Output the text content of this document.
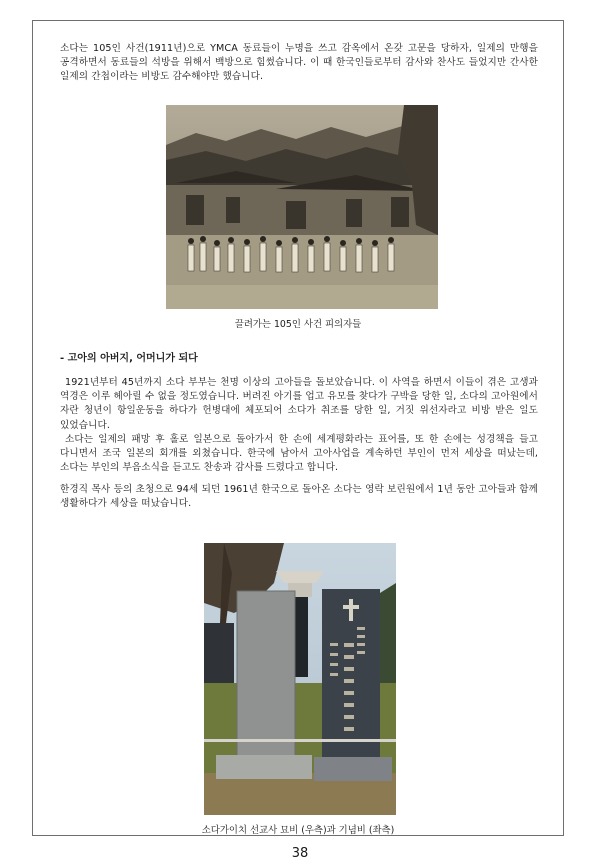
소다는 105인 사건(1911년)으로 YMCA 동료들이 누명을 쓰고 감옥에서 온갖 고문을 당하자, 일제의 만행을 공격하면서 동료들의 석방을 위해서 백방으로 힘썼습니다. 이 때 한국인들로부터 감사와 찬사도 들었지만 간사한 일제의 간첩이라는 비방도 감수해야만 했습니다.

끌려가는 105인 사건 피의자들

- 고아의 아버지, 어머니가 되다

1921년부터 45년까지 소다 부부는 천명 이상의 고아들을 돌보았습니다. 이 사역을 하면서 이들이 겪은 고생과 역경은 이루 헤아릴 수 없을 정도였습니다. 버려진 아기를 업고 유모를 찾다가 구박을 당한 일, 소다의 고아원에서 자란 청년이 항일운동을 하다가 헌병대에 체포되어 소다가 취조를 당한 일, 거짓 위선자라고 비방 받은 일도 있었습니다.

소다는 일제의 패망 후 홀로 일본으로 돌아가서 한 손에 세계평화라는 표어를, 또 한 손에는 성경책을 들고 다니면서 조국 일본의 회개를 외쳤습니다. 한국에 남아서 고아사업을 계속하던 부인이 먼저 세상을 떠났는데, 소다는 부인의 부음소식을 듣고도 찬송과 감사를 드렸다고 합니다.

한경직 목사 등의 초청으로 94세 되던 1961년 한국으로 돌아온 소다는 영락 보린원에서 1년 동안 고아들과 함께 생활하다가 세상을 떠났습니다.

소다가이치 선교사 묘비 (우측)과 기념비 (좌측)

38
